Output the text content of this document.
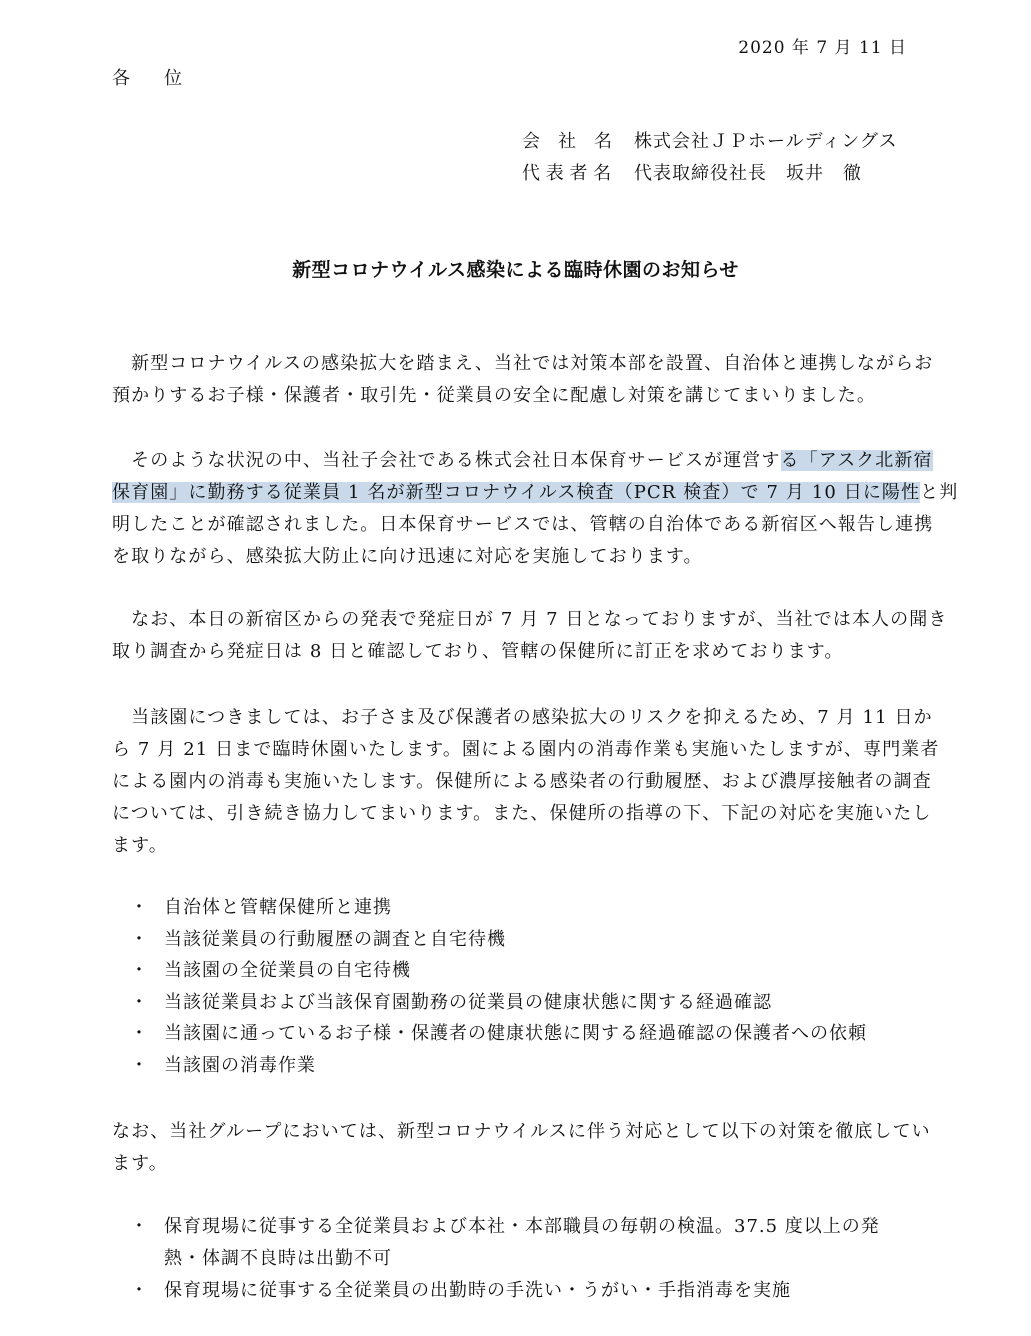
2020 年 7 月 11 日
各位
会　社　名 株式会社ＪＰホールディングス
代 表 者 名 代表取締役社長　坂井　徹
新型コロナウイルス感染による臨時休園のお知らせ
　新型コロナウイルスの感染拡大を踏まえ、当社では対策本部を設置、自治体と連携しながらお
預かりするお子様・保護者・取引先・従業員の安全に配慮し対策を講じてまいりました。
　そのような状況の中、当社子会社である株式会社日本保育サービスが運営する「アスク北新宿
保育園」に勤務する従業員 1 名が新型コロナウイルス検査（PCR 検査）で 7 月 10 日に陽性と判
明したことが確認されました。日本保育サービスでは、管轄の自治体である新宿区へ報告し連携
を取りながら、感染拡大防止に向け迅速に対応を実施しております。
　なお、本日の新宿区からの発表で発症日が 7 月 7 日となっておりますが、当社では本人の聞き
取り調査から発症日は 8 日と確認しており、管轄の保健所に訂正を求めております。
　当該園につきましては、お子さま及び保護者の感染拡大のリスクを抑えるため、7 月 11 日か
ら 7 月 21 日まで臨時休園いたします。園による園内の消毒作業も実施いたしますが、専門業者
による園内の消毒も実施いたします。保健所による感染者の行動履歴、および濃厚接触者の調査
については、引き続き協力してまいります。また、保健所の指導の下、下記の対応を実施いたし
ます。
・ 自治体と管轄保健所と連携
・ 当該従業員の行動履歴の調査と自宅待機
・ 当該園の全従業員の自宅待機
・ 当該従業員および当該保育園勤務の従業員の健康状態に関する経過確認
・ 当該園に通っているお子様・保護者の健康状態に関する経過確認の保護者への依頼
・ 当該園の消毒作業
なお、当社グループにおいては、新型コロナウイルスに伴う対応として以下の対策を徹底してい
ます。
・ 保育現場に従事する全従業員および本社・本部職員の毎朝の検温。37.5 度以上の発熱・体調不良時は出勤不可
・ 保育現場に従事する全従業員の出勤時の手洗い・うがい・手指消毒を実施
